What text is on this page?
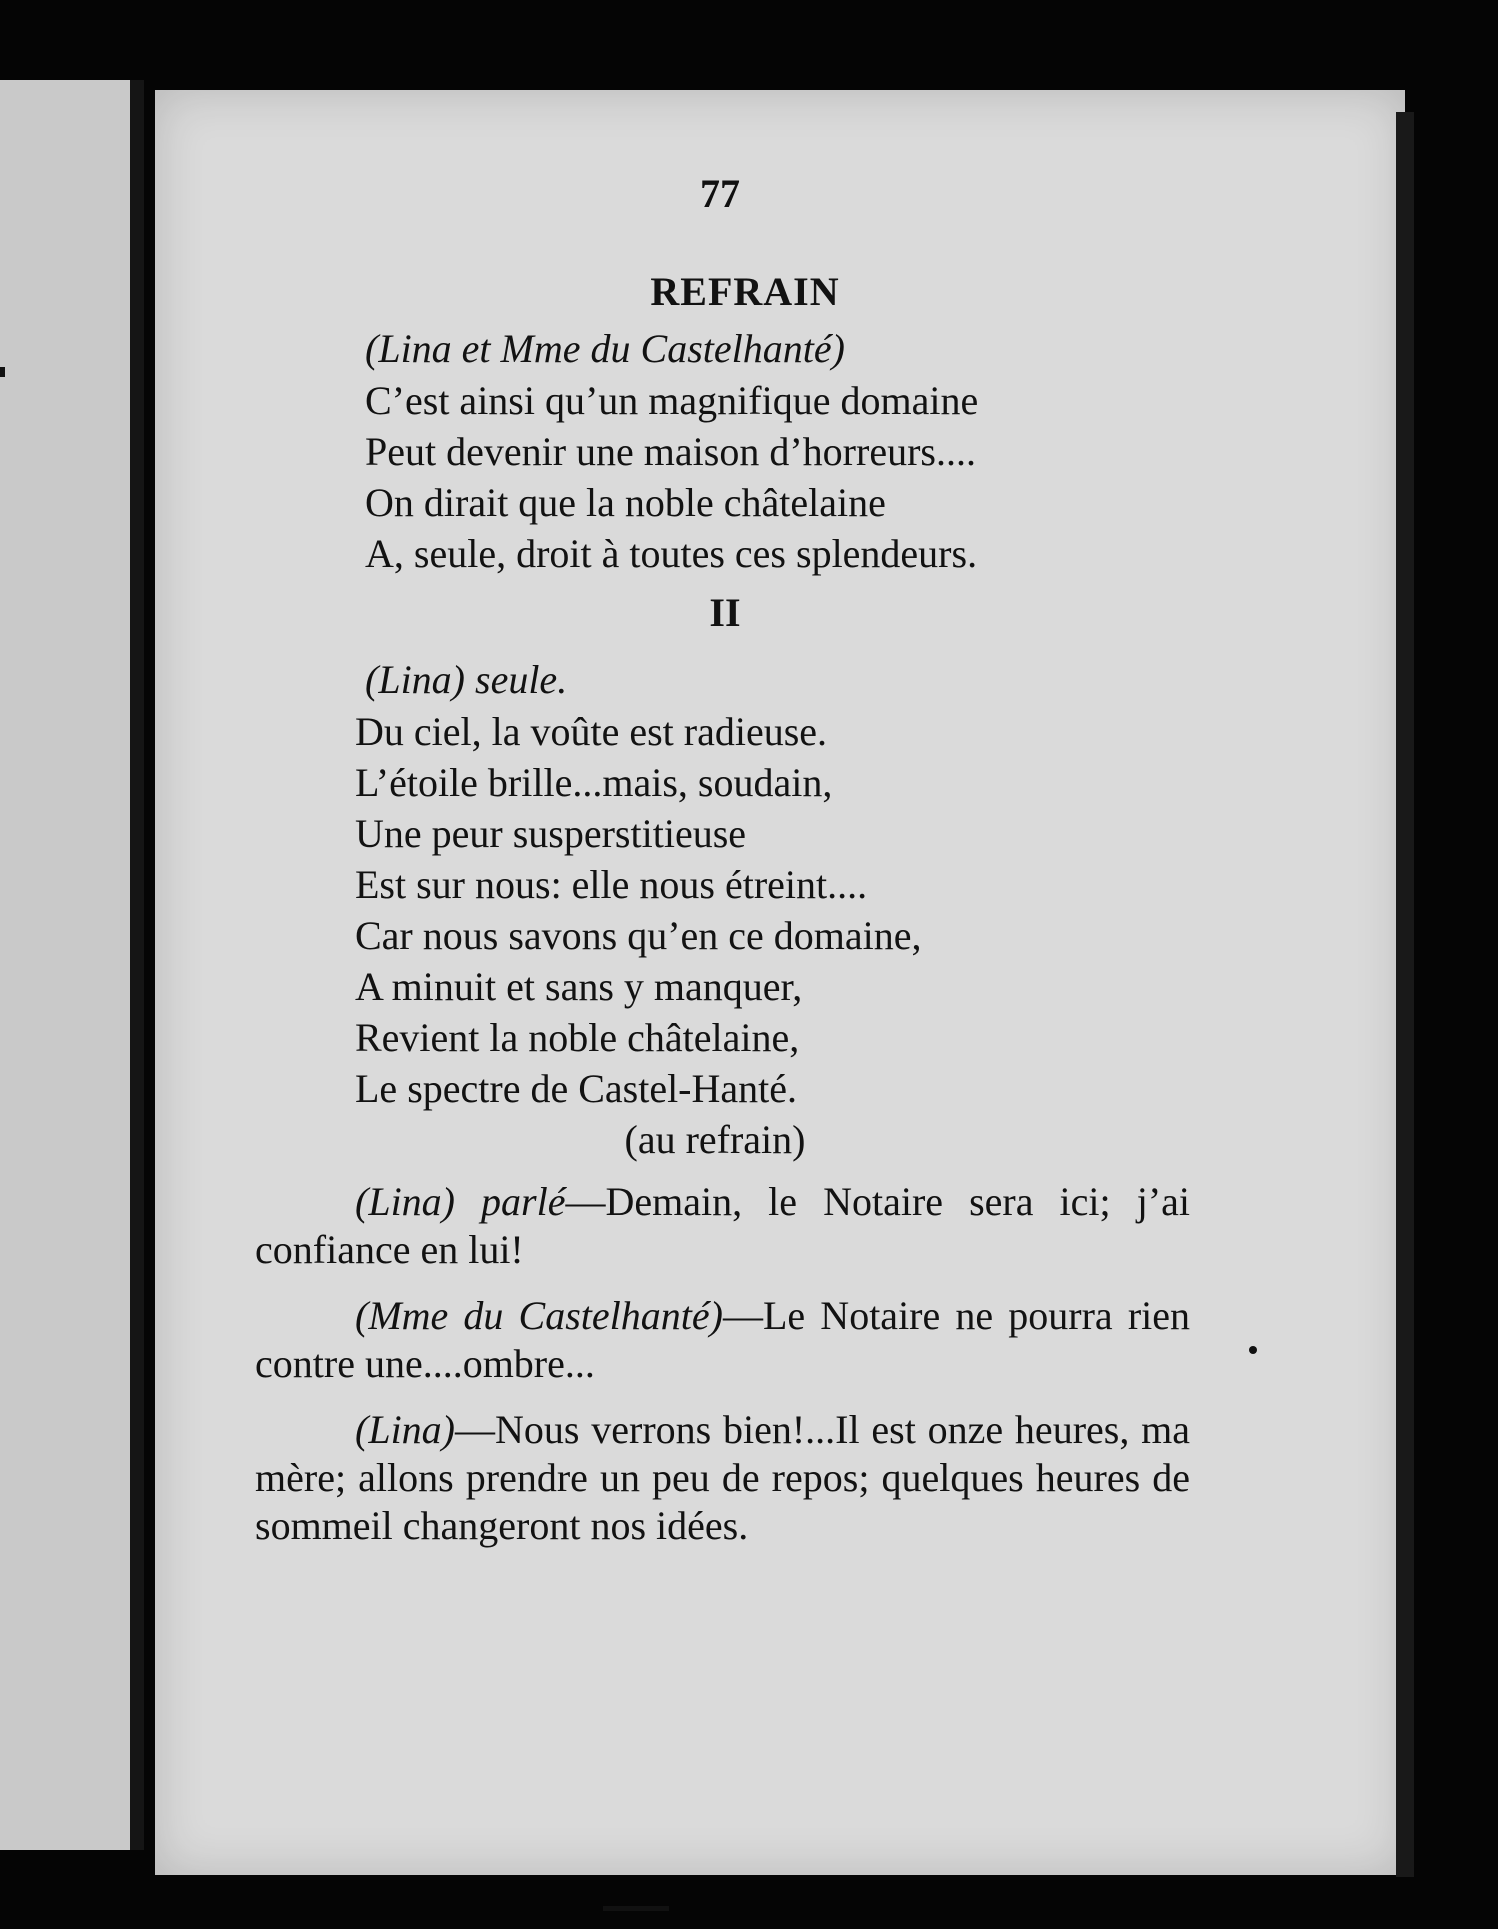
77
REFRAIN
(Lina et Mme du Castelhanté)
C’est ainsi qu’un magnifique domaine
Peut devenir une maison d’horreurs....
On dirait que la noble châtelaine
A, seule, droit à toutes ces splendeurs.
II
(Lina) seule.
Du ciel, la voûte est radieuse.
L’étoile brille...mais, soudain,
Une peur susperstitieuse
Est sur nous: elle nous étreint....
Car nous savons qu’en ce domaine,
A minuit et sans y manquer,
Revient la noble châtelaine,
Le spectre de Castel-Hanté.
(au refrain)

(Lina) parlé—Demain, le Notaire sera ici; j’ai confiance en lui!

(Mme du Castelhanté)—Le Notaire ne pourra rien contre une....ombre...

(Lina)—Nous verrons bien!...Il est onze heures, ma mère; allons prendre un peu de repos; quelques heures de sommeil changeront nos idées.
